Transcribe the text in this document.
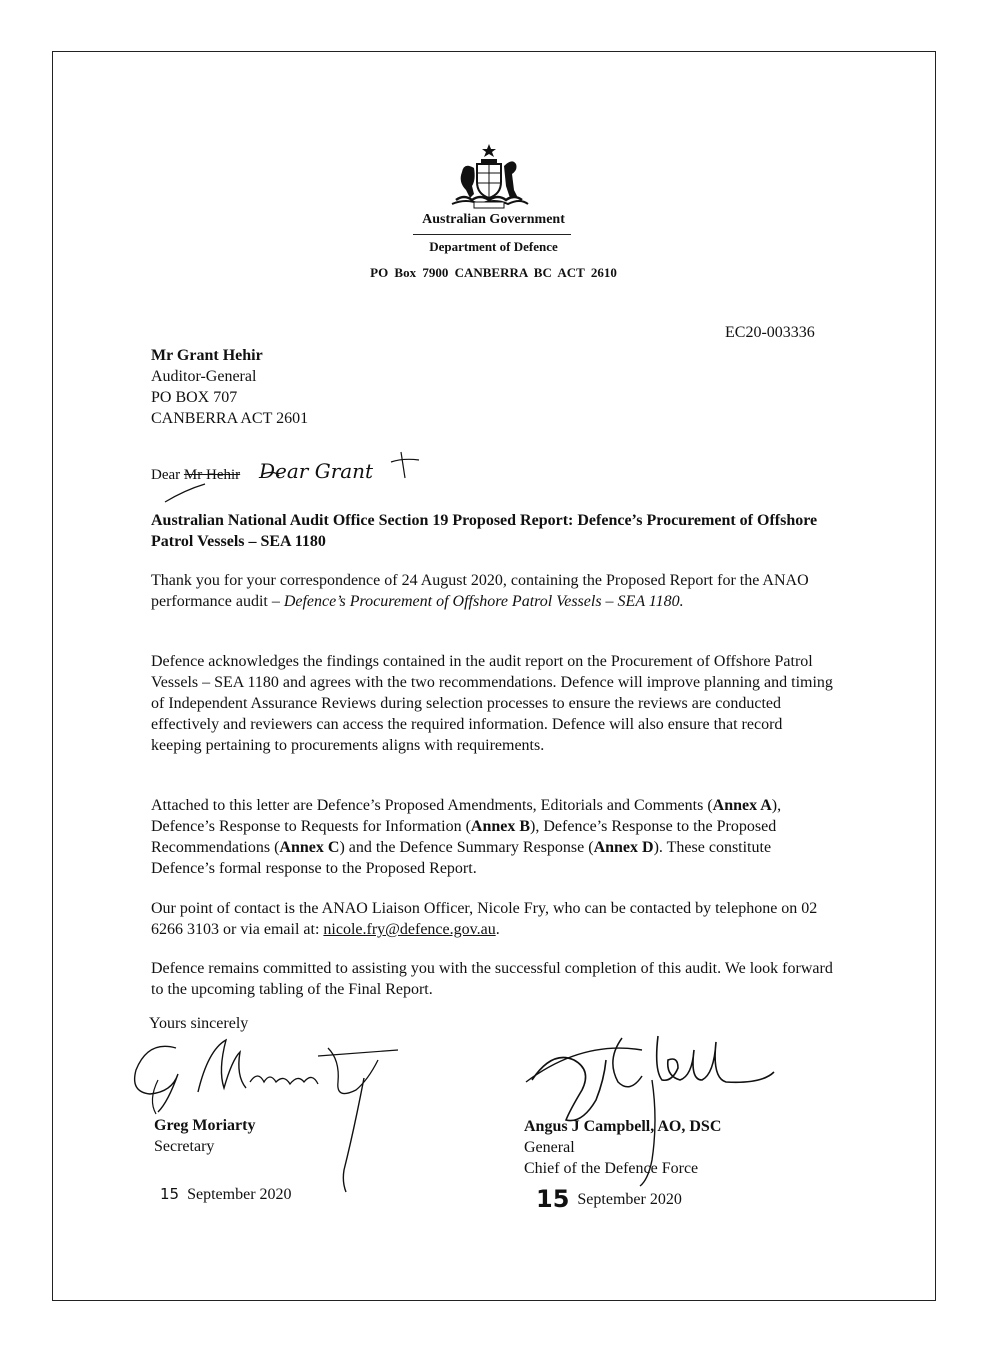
Australian Government
Department of Defence
PO Box 7900 CANBERRA BC ACT 2610
EC20-003336
Mr Grant Hehir
Auditor-General
PO BOX 707
CANBERRA ACT 2601
Dear Mr Hehir Dear Grant
Australian National Audit Office Section 19 Proposed Report: Defence’s Procurement of Offshore Patrol Vessels – SEA 1180
Thank you for your correspondence of 24 August 2020, containing the Proposed Report for the ANAO performance audit – Defence’s Procurement of Offshore Patrol Vessels – SEA 1180.
Defence acknowledges the findings contained in the audit report on the Procurement of Offshore Patrol Vessels – SEA 1180 and agrees with the two recommendations. Defence will improve planning and timing of Independent Assurance Reviews during selection processes to ensure the reviews are conducted effectively and reviewers can access the required information. Defence will also ensure that record keeping pertaining to procurements aligns with requirements.
Attached to this letter are Defence’s Proposed Amendments, Editorials and Comments (Annex A), Defence’s Response to Requests for Information (Annex B), Defence’s Response to the Proposed Recommendations (Annex C) and the Defence Summary Response (Annex D). These constitute Defence’s formal response to the Proposed Report.
Our point of contact is the ANAO Liaison Officer, Nicole Fry, who can be contacted by telephone on 02 6266 3103 or via email at: nicole.fry@defence.gov.au.
Defence remains committed to assisting you with the successful completion of this audit. We look forward to the upcoming tabling of the Final Report.
Yours sincerely
Greg Moriarty
Secretary
15 September 2020
Angus J Campbell, AO, DSC
General
Chief of the Defence Force
15 September 2020
